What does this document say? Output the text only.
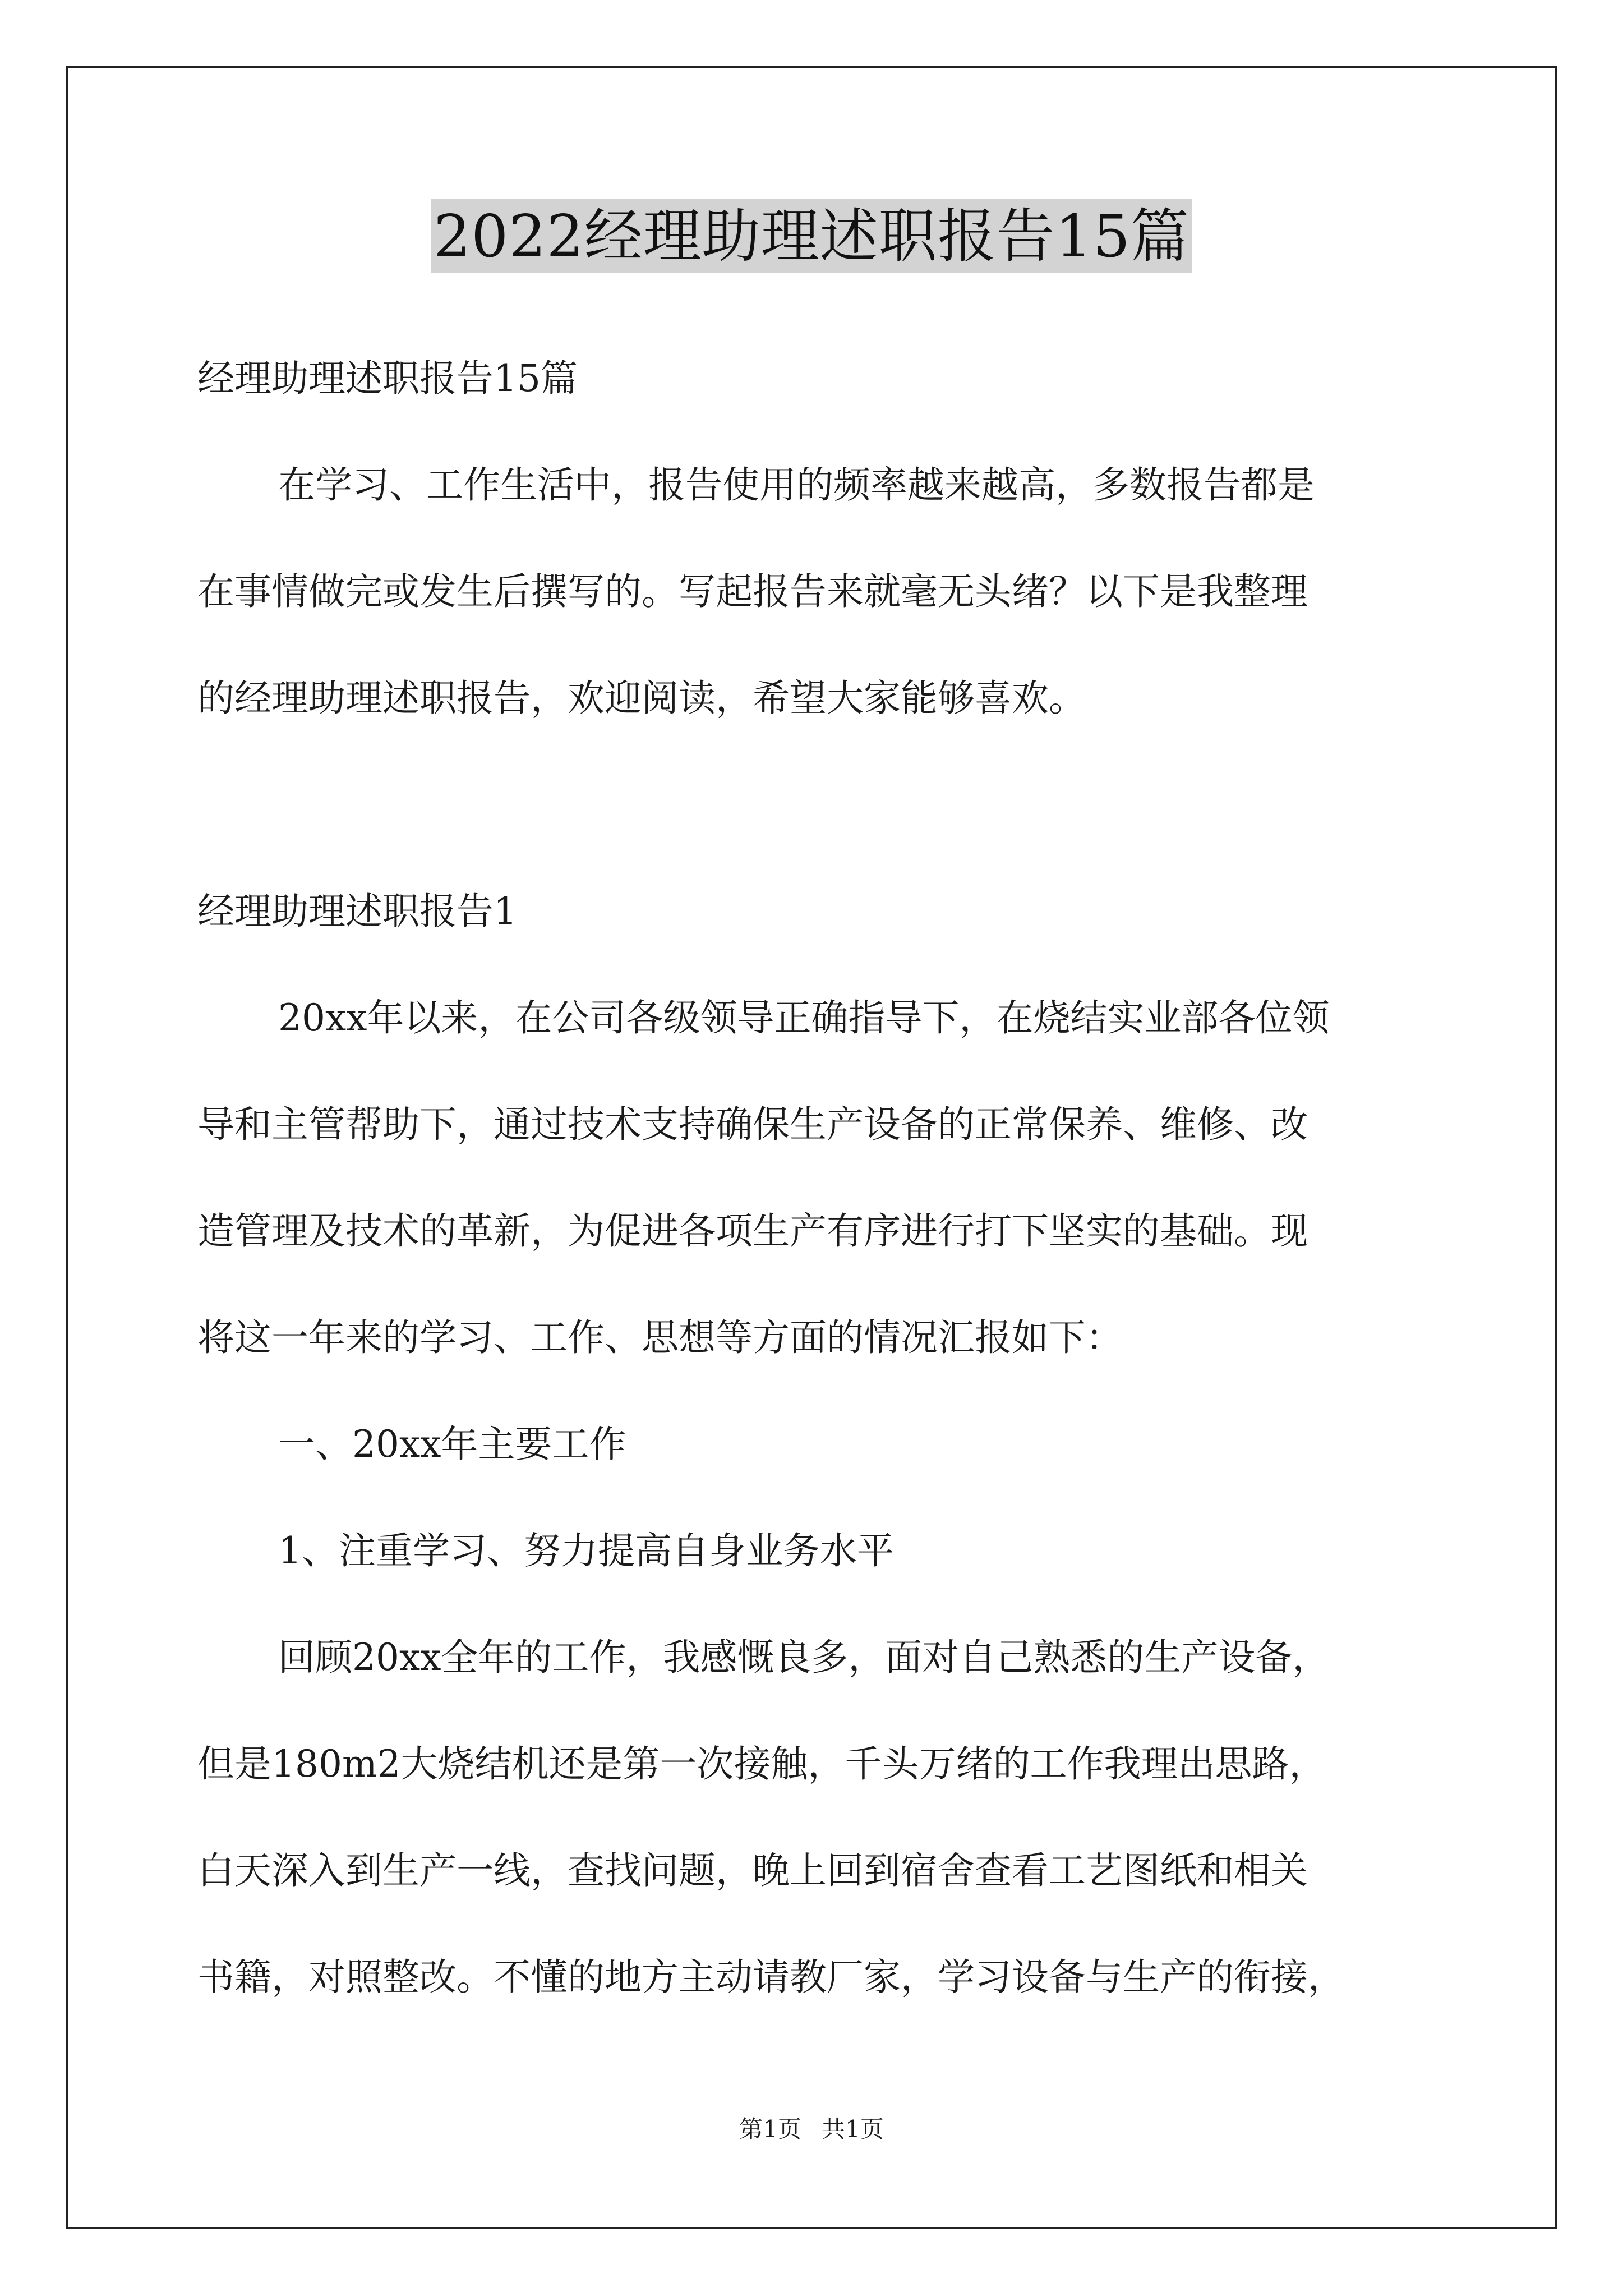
2022经理助理述职报告15篇
经理助理述职报告15篇
在学习、工作生活中，报告使用的频率越来越高，多数报告都是
在事情做完或发生后撰写的。写起报告来就毫无头绪？以下是我整理
的经理助理述职报告，欢迎阅读，希望大家能够喜欢。
经理助理述职报告1
20xx年以来，在公司各级领导正确指导下，在烧结实业部各位领
导和主管帮助下，通过技术支持确保生产设备的正常保养、维修、改
造管理及技术的革新，为促进各项生产有序进行打下坚实的基础。现
将这一年来的学习、工作、思想等方面的情况汇报如下：
一、20xx年主要工作
1、注重学习、努力提高自身业务水平
回顾20xx全年的工作，我感慨良多，面对自己熟悉的生产设备，
但是180m2大烧结机还是第一次接触，千头万绪的工作我理出思路，
白天深入到生产一线，查找问题，晚上回到宿舍查看工艺图纸和相关
书籍，对照整改。不懂的地方主动请教厂家，学习设备与生产的衔接，
第1页 共1页
